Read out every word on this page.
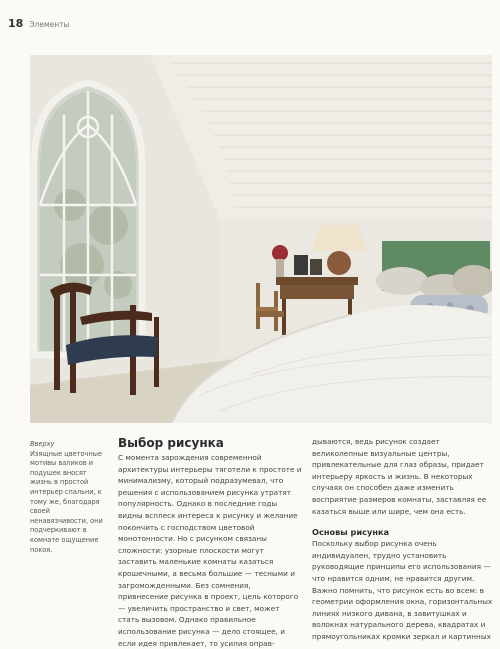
18 Элементы
Вверху
Изящные цветочные мотивы валиков и подушек вносят жизнь в простой интерьер спальни, к тому же, благодаря своей ненавязчивости, они подчеркивают в комнате ощущение покоя.
Выбор рисунка

С момента зарождения современной архитектуры интерьеры тяготели к простоте и минимализму, который подразумевал, что решения с использованием рисунка утратят популярность. Однако в последние годы видны всплеск интереса к рисунку и желание покончить с господством цветовой монотонности. Но с рисунком связаны сложности: узорные плоскости могут заставить маленькие комнаты казаться крошечными, а весьма большие — тесными и загроможденными. Без сомнения, привнесение рисунка в проект, цель которого — увеличить пространство и свет, может стать вызовом. Однако правильное использование рисунка — дело стоящее, и если идея привлекает, то усилия оправ-

дываются, ведь рисунок создает великолепные визуальные центры, привлекательные для глаз образы, придает интерьеру яркость и жизнь. В некоторых случаях он способен даже изменить восприятие размеров комнаты, заставляя ее казаться выше или шире, чем она есть.

Основы рисунка

Поскольку выбор рисунка очень индивидуален, трудно установить руководящие принципы его использования — что нравится одним, не нравится другим. Важно помнить, что рисунок есть во всем: в геометрии оформления окна, горизонтальных линиях низкого дивана, в завитушках и волокнах натурального дерева, квадратах и прямоугольниках кромки зеркал и картинных
